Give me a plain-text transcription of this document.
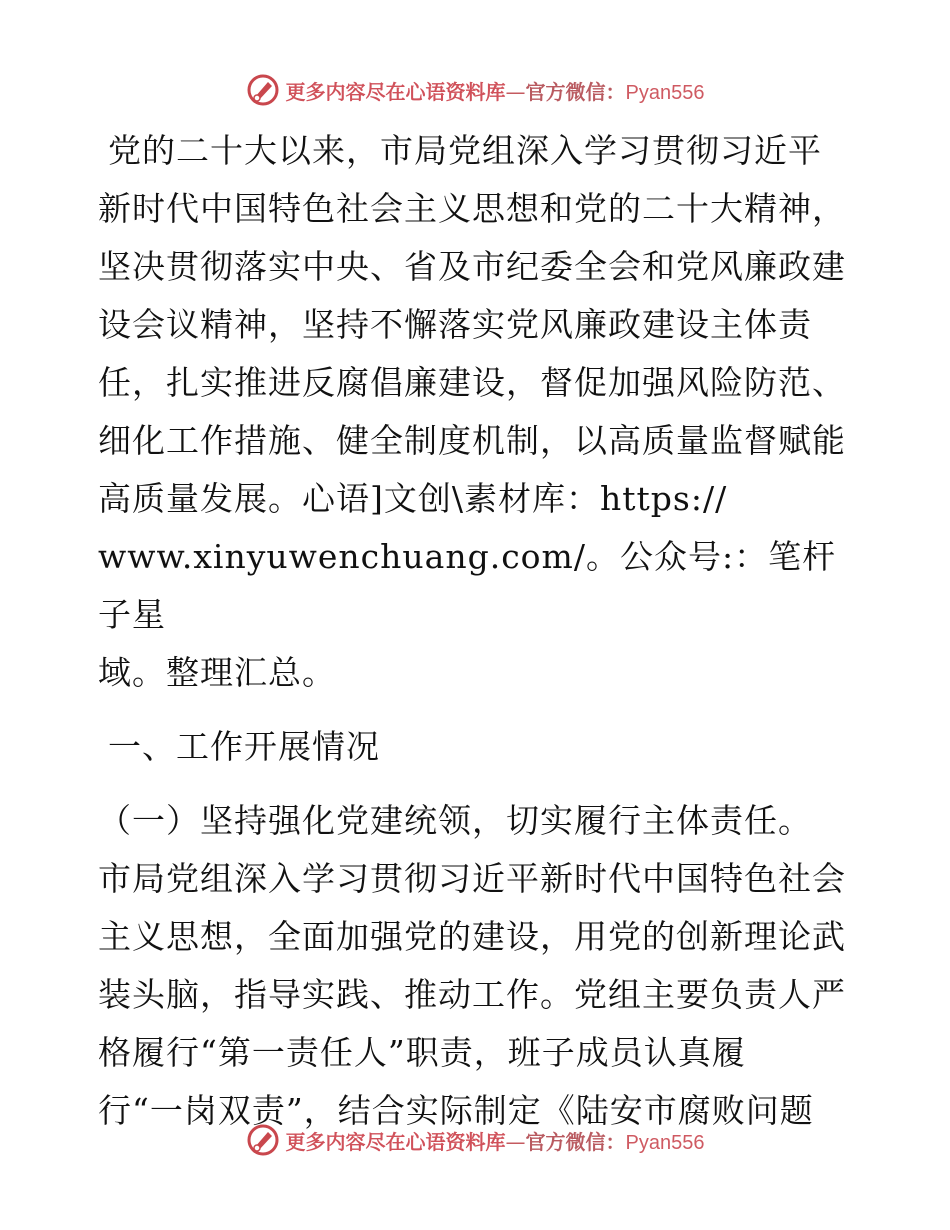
更多内容尽在心语资料库—官方微信：Pyan556

党的二十大以来，市局党组深入学习贯彻习近平

新时代中国特色社会主义思想和党的二十大精神，

坚决贯彻落实中央、省及市纪委全会和党风廉政建

设会议精神，坚持不懈落实党风廉政建设主体责

任，扎实推进反腐倡廉建设，督促加强风险防范、

细化工作措施、健全制度机制，以高质量监督赋能

高质量发展。心语]文创\素材库：https://

www.xinyuwenchuang.com/。公众号:：笔杆子星

域。整理汇总。

一、工作开展情况

（一）坚持强化党建统领，切实履行主体责任。

市局党组深入学习贯彻习近平新时代中国特色社会

主义思想，全面加强党的建设，用党的创新理论武

装头脑，指导实践、推动工作。党组主要负责人严

格履行“第一责任人”职责，班子成员认真履

行“一岗双责”，结合实际制定《陆安市腐败问题

更多内容尽在心语资料库—官方微信：Pyan556
